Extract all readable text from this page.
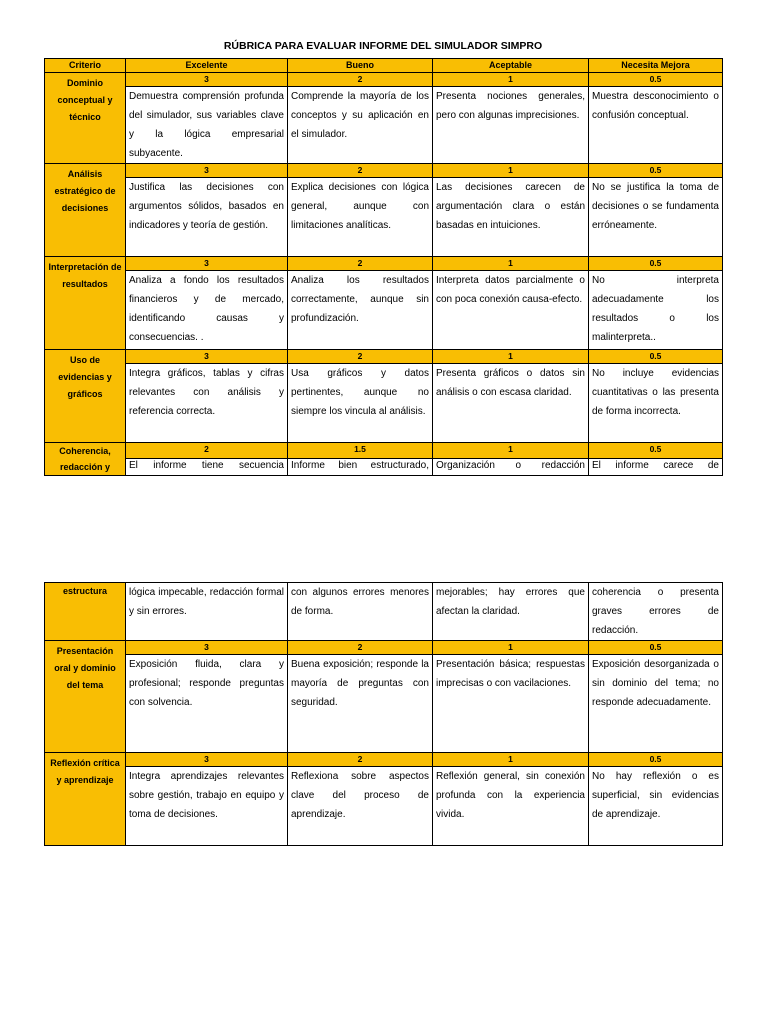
RÚBRICA PARA EVALUAR INFORME DEL SIMULADOR SIMPRO
Criterio	Excelente	Bueno	Aceptable	Necesita Mejora
Dominio conceptual y técnico	3	2	1	0.5
	Demuestra comprensión profunda del simulador, sus variables clave y la lógica empresarial subyacente.	Comprende la mayoría de los conceptos y su aplicación en el simulador.	Presenta nociones generales, pero con algunas imprecisiones.	Muestra desconocimiento o confusión conceptual.
Análisis estratégico de decisiones	3	2	1	0.5
	Justifica las decisiones con argumentos sólidos, basados en indicadores y teoría de gestión.	Explica decisiones con lógica general, aunque con limitaciones analíticas.	Las decisiones carecen de argumentación clara o están basadas en intuiciones.	No se justifica la toma de decisiones o se fundamenta erróneamente.
Interpretación de resultados	3	2	1	0.5
	Analiza a fondo los resultados financieros y de mercado, identificando causas y consecuencias. .	Analiza los resultados correctamente, aunque sin profundización.	Interpreta datos parcialmente o con poca conexión causa-efecto.	No interpreta adecuadamente los resultados o los malinterpreta..
Uso de evidencias y gráficos	3	2	1	0.5
	Integra gráficos, tablas y cifras relevantes con análisis y referencia correcta.	Usa gráficos y datos pertinentes, aunque no siempre los vincula al análisis.	Presenta gráficos o datos sin análisis o con escasa claridad.	No incluye evidencias cuantitativas o las presenta de forma incorrecta.
Coherencia, redacción y	2	1.5	1	0.5
	El informe tiene secuencia	Informe bien estructurado,	Organización o redacción	El informe carece de
estructura	lógica impecable, redacción formal y sin errores.	con algunos errores menores de forma.	mejorables; hay errores que afectan la claridad.	coherencia o presenta graves errores de redacción.
Presentación oral y dominio del tema	3	2	1	0.5
	Exposición fluida, clara y profesional; responde preguntas con solvencia.	Buena exposición; responde la mayoría de preguntas con seguridad.	Presentación básica; respuestas imprecisas o con vacilaciones.	Exposición desorganizada o sin dominio del tema; no responde adecuadamente.
Reflexión crítica y aprendizaje	3	2	1	0.5
	Integra aprendizajes relevantes sobre gestión, trabajo en equipo y toma de decisiones.	Reflexiona sobre aspectos clave del proceso de aprendizaje.	Reflexión general, sin conexión profunda con la experiencia vivida.	No hay reflexión o es superficial, sin evidencias de aprendizaje.
